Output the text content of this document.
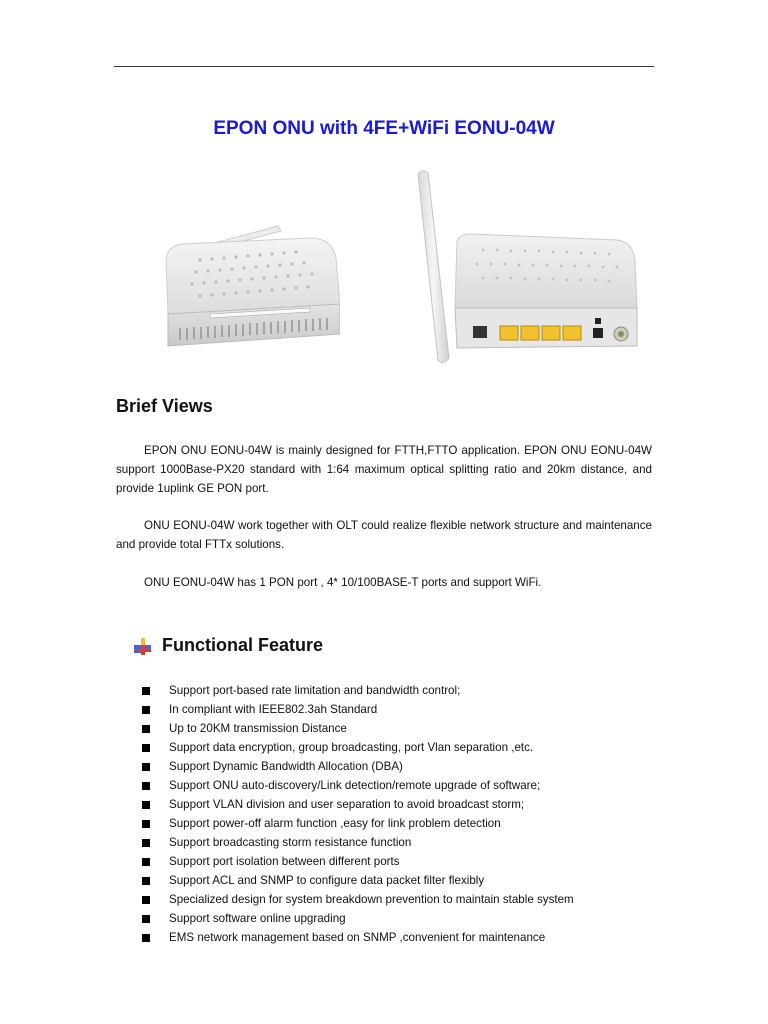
EPON ONU with 4FE+WiFi EONU-04W
Brief Views
EPON ONU EONU-04W is mainly designed for FTTH,FTTO application. EPON ONU EONU-04W support 1000Base-PX20 standard with 1:64 maximum optical splitting ratio and 20km distance, and provide 1uplink GE PON port.
ONU EONU-04W work together with OLT could realize flexible network structure and maintenance and provide total FTTx solutions.
ONU EONU-04W has 1 PON port , 4* 10/100BASE-T ports and support WiFi.
Functional Feature
Support port-based rate limitation and bandwidth control;
In compliant with IEEE802.3ah Standard
Up to 20KM transmission Distance
Support data encryption, group broadcasting, port Vlan separation ,etc.
Support Dynamic Bandwidth Allocation (DBA)
Support ONU auto-discovery/Link detection/remote upgrade of software;
Support VLAN division and user separation to avoid broadcast storm;
Support power-off alarm function ,easy for link problem detection
Support broadcasting storm resistance function
Support port isolation between different ports
Support ACL and SNMP to configure data packet filter flexibly
Specialized design for system breakdown prevention to maintain stable system
Support software online upgrading
EMS network management based on SNMP ,convenient for maintenance
